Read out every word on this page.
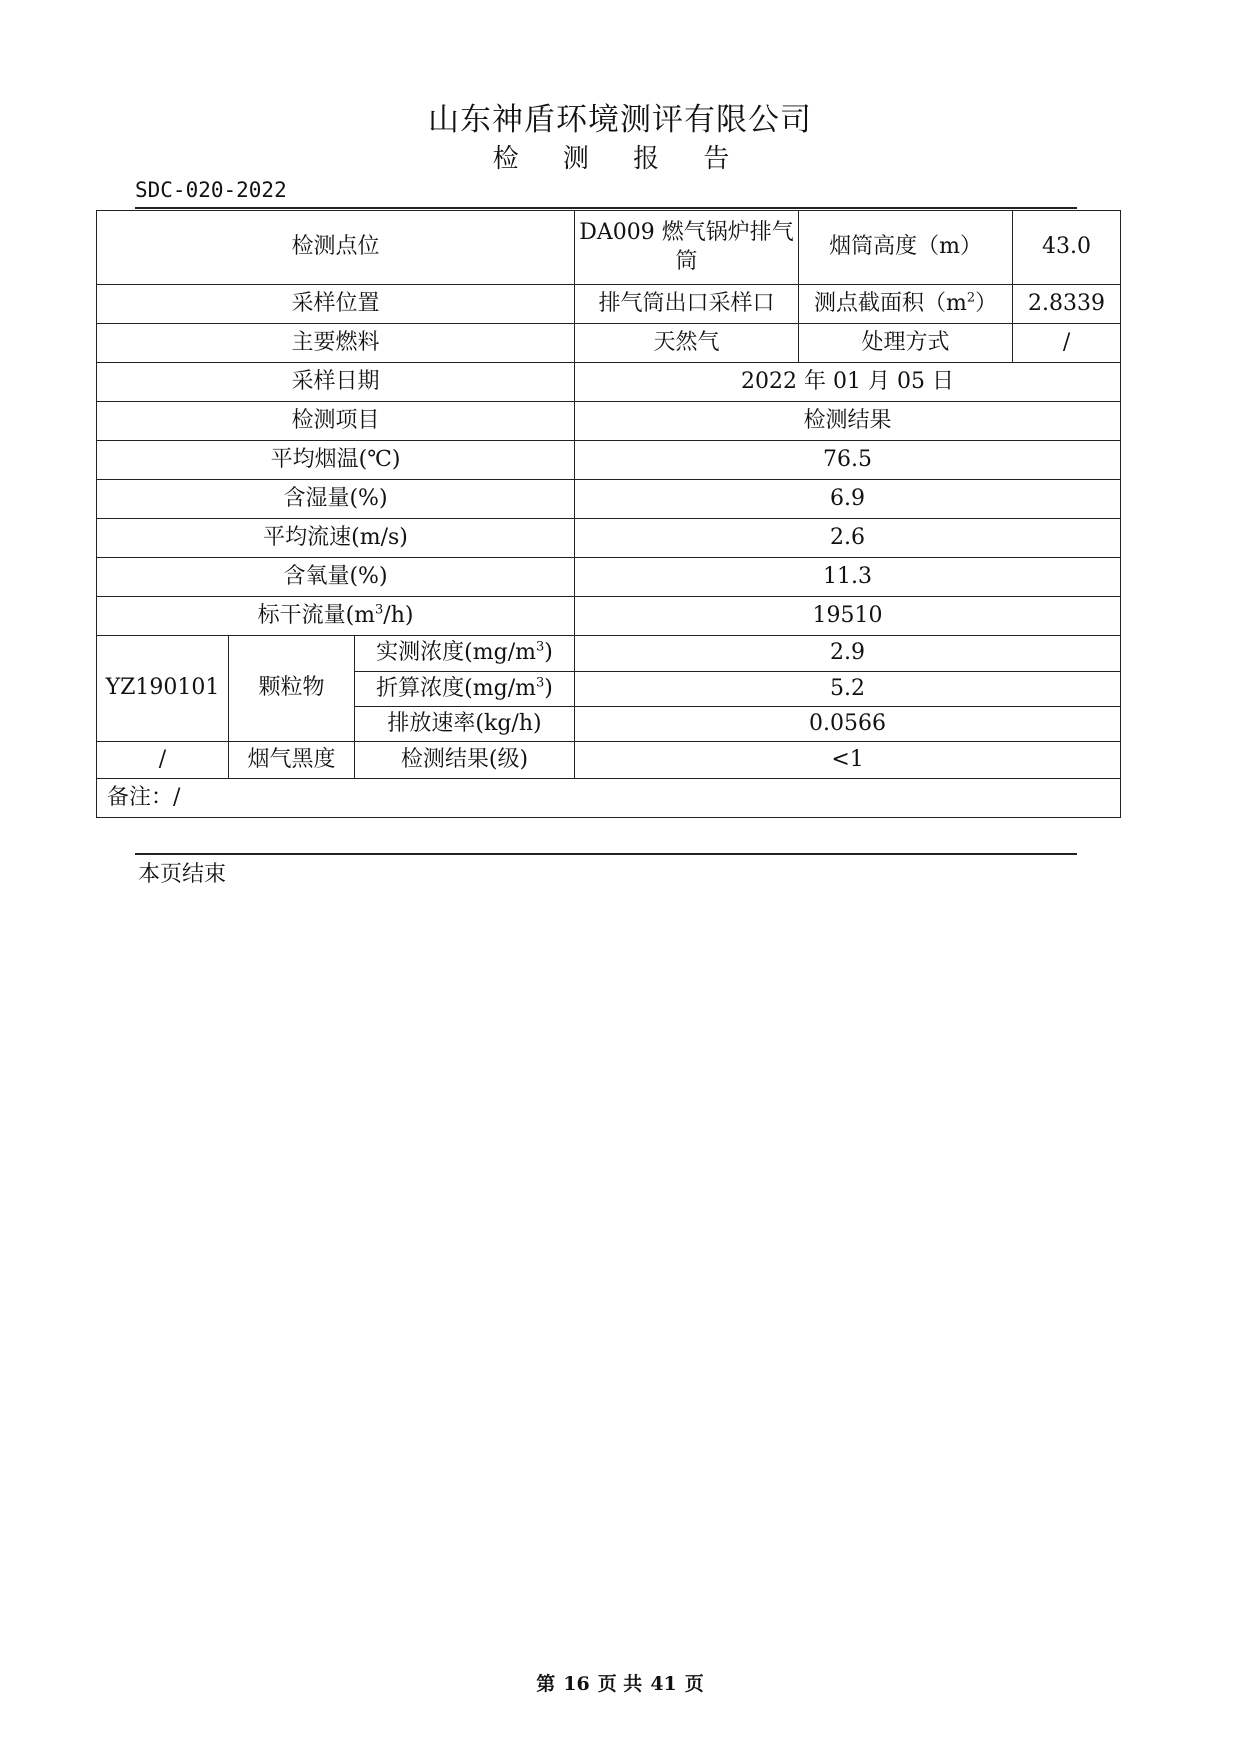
山东神盾环境测评有限公司
检 测 报 告
SDC-020-2022
检测点位			DA009 燃气锅炉排气筒	烟筒高度（m）	43.0
采样位置			排气筒出口采样口	测点截面积$(m^2)$	2.8339
主要燃料			天然气	处理方式	/
采样日期			2022 年 01 月 05 日		
检测项目			检测结果		
平均烟温(℃)			76.5		
含湿量(%)			6.9		
平均流速(m/s)			2.6		
含氧量(%)			11.3		
标干流量$(m^3/h)$			19510		
YZ190101	颗粒物	实测浓度$(mg/m^3)$	2.9		
		折算浓度$(mg/m^3)$	5.2		
		排放速率(kg/h)	0.0566		
/	烟气黑度	检测结果(级)	<1		
备注：/					
本页结束
第 16 页 共 41 页
